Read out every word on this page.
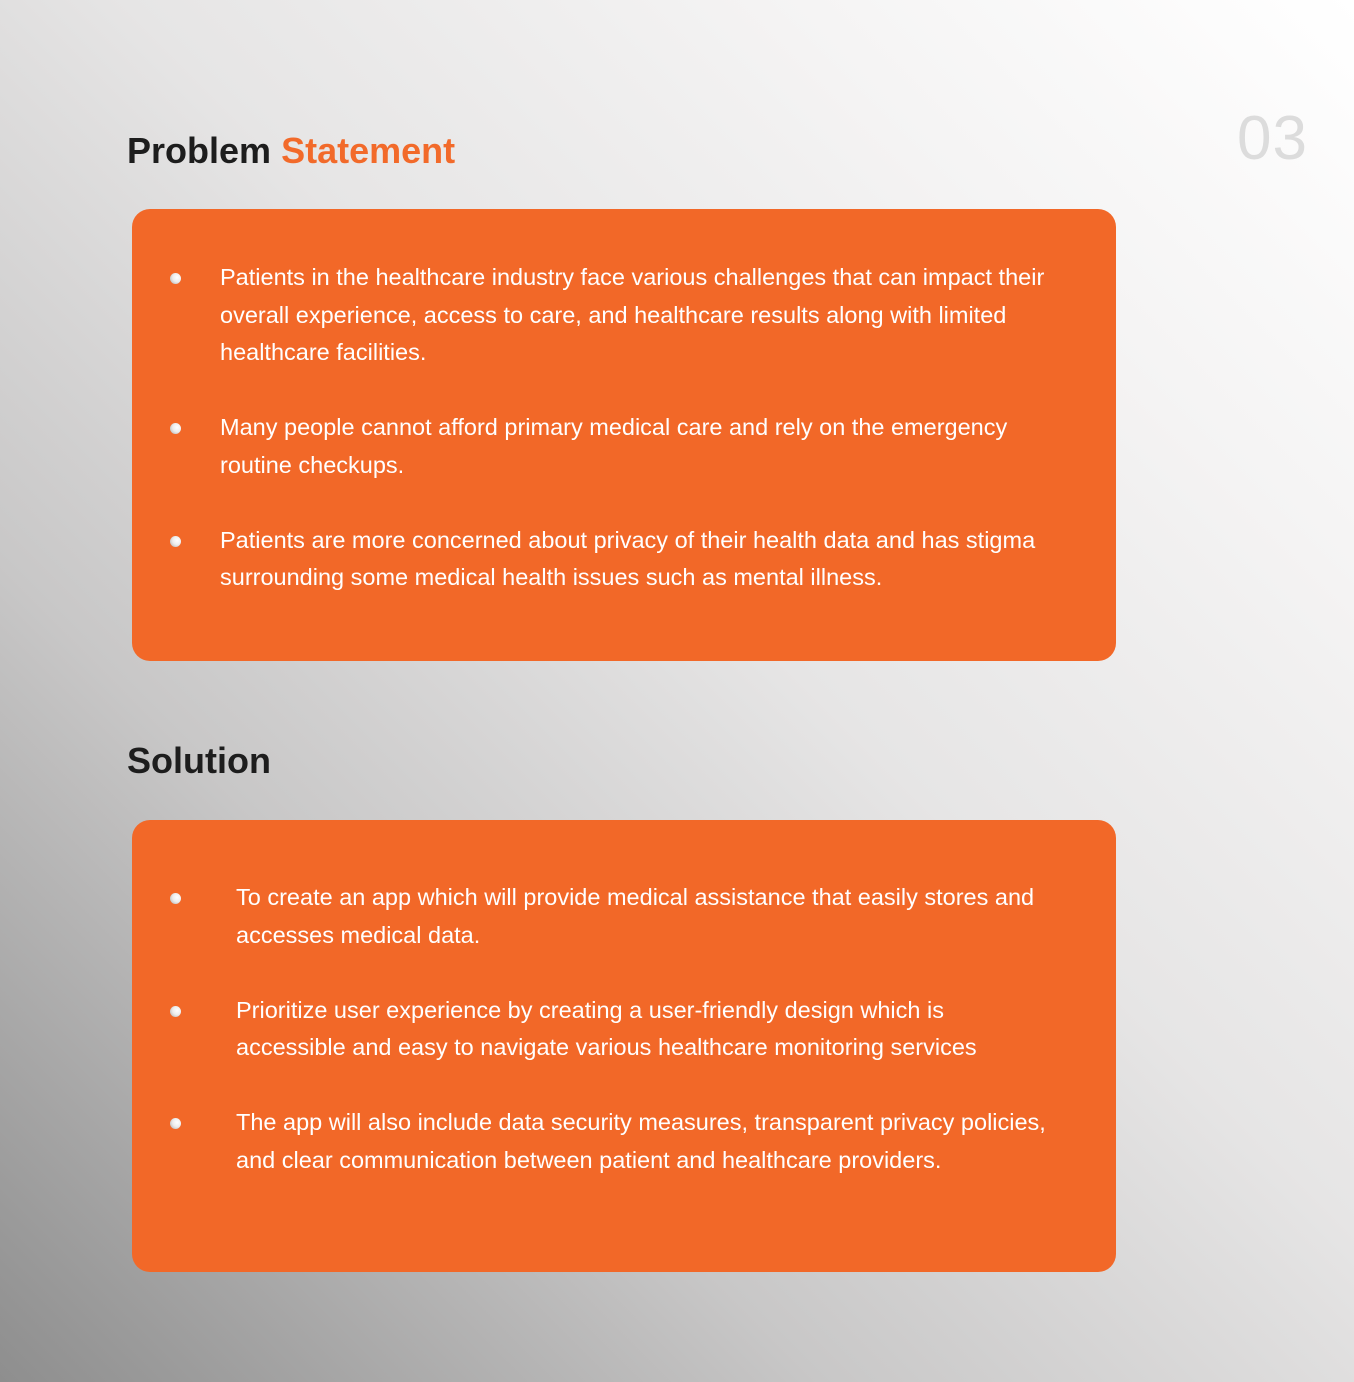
03
Problem Statement
Patients in the healthcare industry face various challenges that can impact their overall experience, access to care, and healthcare results along with limited healthcare facilities.
Many people cannot afford primary medical care and rely on the emergency routine checkups.
Patients are more concerned about privacy of their health data and has stigma surrounding some medical health issues such as mental illness.
Solution
To create an app which will provide medical assistance that easily stores and accesses medical data.
Prioritize user experience by creating a user-friendly design which is accessible and easy to navigate various healthcare monitoring services
The app will also include data security measures, transparent privacy policies, and clear communication between patient and healthcare providers.
